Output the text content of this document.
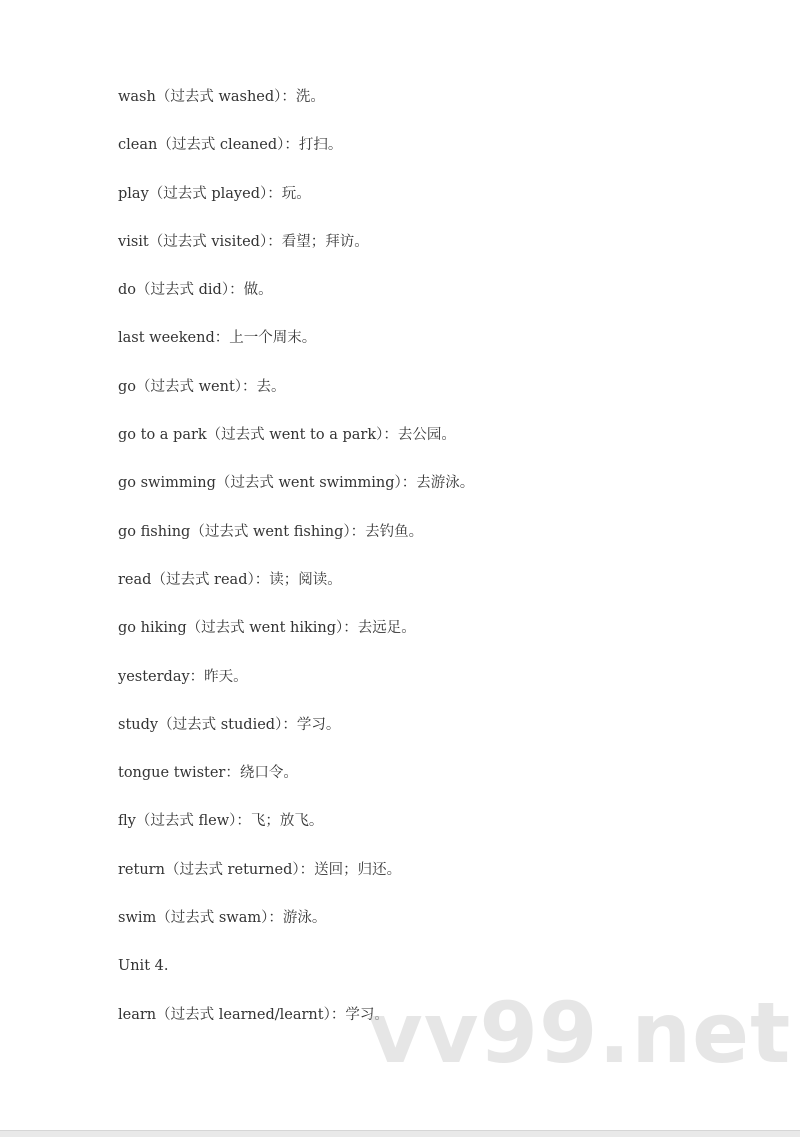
wash（过去式 washed）：洗。
clean（过去式 cleaned）：打扫。
play（过去式 played）：玩。
visit（过去式 visited）：看望；拜访。
do（过去式 did）：做。
last weekend：上一个周末。
go（过去式 went）：去。
go to a park（过去式 went to a park）：去公园。
go swimming（过去式 went swimming）：去游泳。
go fishing（过去式 went fishing）：去钓鱼。
read（过去式 read）：读；阅读。
go hiking（过去式 went hiking）：去远足。
yesterday：昨天。
study（过去式 studied）：学习。
tongue twister：绕口令。
fly（过去式 flew）：飞；放飞。
return（过去式 returned）：送回；归还。
swim（过去式 swam）：游泳。
Unit 4.
learn（过去式 learned/learnt）：学习。
vv99.net
